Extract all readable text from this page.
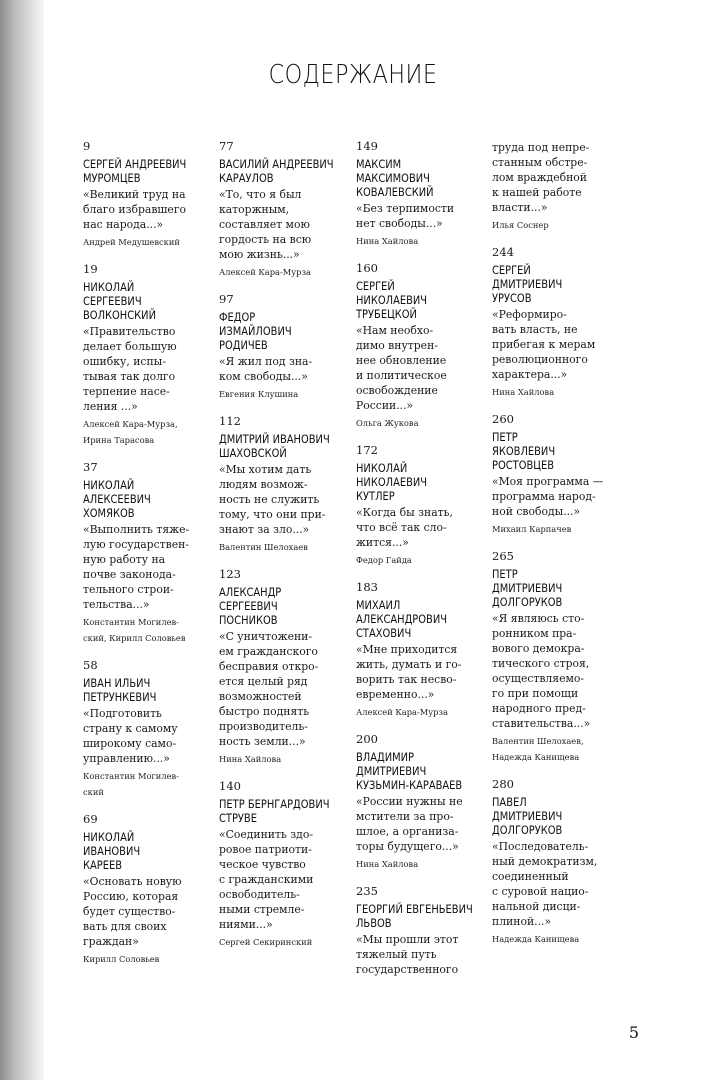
СОДЕРЖАНИЕ
9
СЕРГЕЙ АНДРЕЕВИЧ
МУРОМЦЕВ
«Великий труд на
благо избравшего
нас народа...»
Андрей Медушевский
19
НИКОЛАЙ
СЕРГЕЕВИЧ
ВОЛКОНСКИЙ
«Правительство
делает большую
ошибку, испы-
тывая так долго
терпение насе-
ления ...»
Алексей Кара-Мурза,
Ирина Тарасова
37
НИКОЛАЙ
АЛЕКСЕЕВИЧ
ХОМЯКОВ
«Выполнить тяже-
лую государствен-
ную работу на
почве законода-
тельного строи-
тельства...»
Константин Могилев-
ский, Кирилл Соловьев
58
ИВАН ИЛЬИЧ
ПЕТРУНКЕВИЧ
«Подготовить
страну к самому
широкому само-
управлению...»
Константин Могилев-
ский
69
НИКОЛАЙ
ИВАНОВИЧ
КАРЕЕВ
«Основать новую
Россию, которая
будет существо-
вать для своих
граждан»
Кирилл Соловьев
77
ВАСИЛИЙ АНДРЕЕВИЧ
КАРАУЛОВ
«То, что я был
каторжным,
составляет мою
гордость на всю
мою жизнь...»
Алексей Кара-Мурза
97
ФЕДОР
ИЗМАЙЛОВИЧ
РОДИЧЕВ
«Я жил под зна-
ком свободы...»
Евгения Клушина
112
ДМИТРИЙ ИВАНОВИЧ
ШАХОВСКОЙ
«Мы хотим дать
людям возмож-
ность не служить
тому, что они при-
знают за зло...»
Валентин Шелохаев
123
АЛЕКСАНДР
СЕРГЕЕВИЧ
ПОСНИКОВ
«С уничтожени-
ем гражданского
бесправия откро-
ется целый ряд
возможностей
быстро поднять
производитель-
ность земли...»
Нина Хайлова
140
ПЕТР БЕРНГАРДОВИЧ
СТРУВЕ
«Соединить здо-
ровое патриоти-
ческое чувство
с гражданскими
освободитель-
ными стремле-
ниями...»
Сергей Секиринский
149
МАКСИМ
МАКСИМОВИЧ
КОВАЛЕВСКИЙ
«Без терпимости
нет свободы...»
Нина Хайлова
160
СЕРГЕЙ
НИКОЛАЕВИЧ
ТРУБЕЦКОЙ
«Нам необхо-
димо внутрен-
нее обновление
и политическое
освобождение
России...»
Ольга Жукова
172
НИКОЛАЙ
НИКОЛАЕВИЧ
КУТЛЕР
«Когда бы знать,
что всё так сло-
жится...»
Федор Гайда
183
МИХАИЛ
АЛЕКСАНДРОВИЧ
СТАХОВИЧ
«Мне приходится
жить, думать и го-
ворить так несво-
евременно...»
Алексей Кара-Мурза
200
ВЛАДИМИР
ДМИТРИЕВИЧ
КУЗЬМИН-КАРАВАЕВ
«России нужны не
мстители за про-
шлое, а организа-
торы будущего...»
Нина Хайлова
235
ГЕОРГИЙ ЕВГЕНЬЕВИЧ
ЛЬВОВ
«Мы прошли этот
тяжелый путь
государственного
труда под непре-
станным обстре-
лом враждебной
к нашей работе
власти...»
Илья Соснер
244
СЕРГЕЙ
ДМИТРИЕВИЧ
УРУСОВ
«Реформиро-
вать власть, не
прибегая к мерам
революционного
характера...»
Нина Хайлова
260
ПЕТР
ЯКОВЛЕВИЧ
РОСТОВЦЕВ
«Моя программа —
программа народ-
ной свободы...»
Михаил Карпачев
265
ПЕТР
ДМИТРИЕВИЧ
ДОЛГОРУКОВ
«Я являюсь сто-
ронником пра-
вового демокра-
тического строя,
осуществляемо-
го при помощи
народного пред-
ставительства...»
Валентин Шелохаев,
Надежда Канищева
280
ПАВЕЛ
ДМИТРИЕВИЧ
ДОЛГОРУКОВ
«Последователь-
ный демократизм,
соединенный
с суровой нацио-
нальной дисци-
плиной...»
Надежда Канищева
5
